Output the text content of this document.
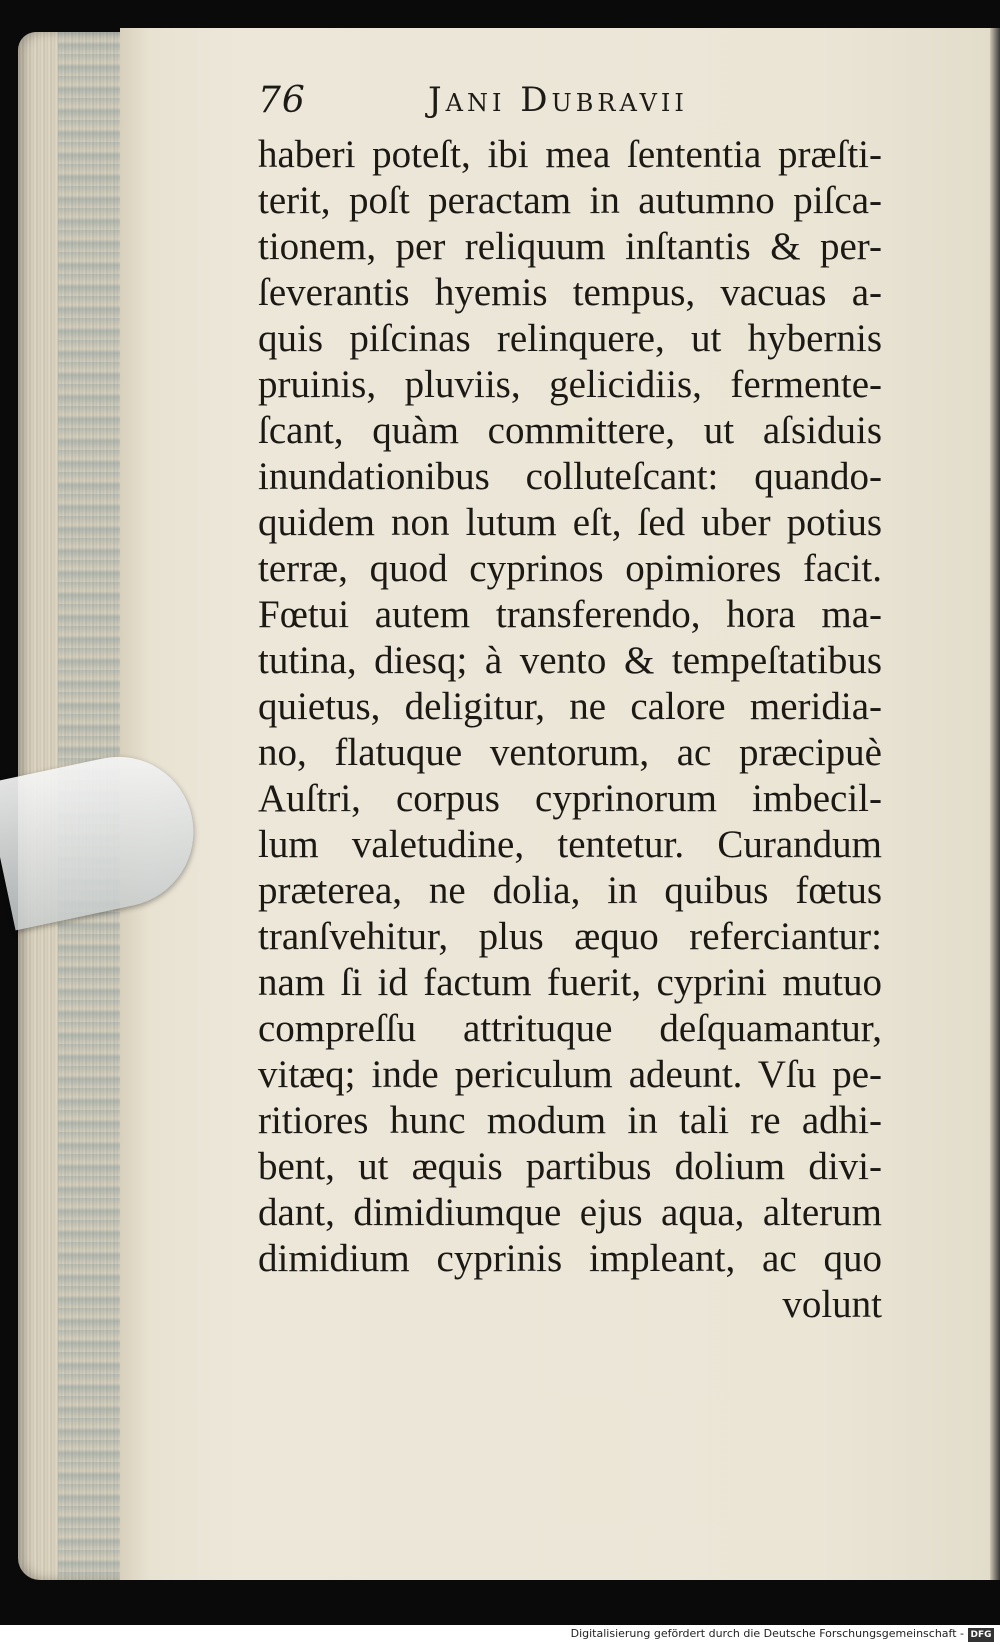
76	Jani Dubravii
haberi poteſt, ibi mea ſententia præſti-
terit, poſt peractam in autumno piſca-
tionem, per reliquum inſtantis & per-
ſeverantis hyemis tempus, vacuas a-
quis piſcinas relinquere, ut hybernis
pruinis, pluviis, gelicidiis, fermente-
ſcant, quàm committere, ut aſsiduis
inundationibus colluteſcant: quando-
quidem non lutum eſt, ſed uber potius
terræ, quod cyprinos opimiores facit.
Fœtui autem transferendo, hora ma-
tutina, diesq; à vento & tempeſtatibus
quietus, deligitur, ne calore meridia-
no, flatuque ventorum, ac præcipuè
Auſtri, corpus cyprinorum imbecil-
lum valetudine, tentetur. Curandum
præterea, ne dolia, in quibus fœtus
tranſvehitur, plus æquo referciantur:
nam ſi id factum fuerit, cyprini mutuo
compreſſu attrituque deſquamantur,
vitæq; inde periculum adeunt. Vſu pe-
ritiores hunc modum in tali re adhi-
bent, ut æquis partibus dolium divi-
dant, dimidiumque ejus aqua, alterum
dimidium cyprinis impleant, ac quo
volunt
Digitalisierung gefördert durch die Deutsche Forschungsgemeinschaft - DFG
